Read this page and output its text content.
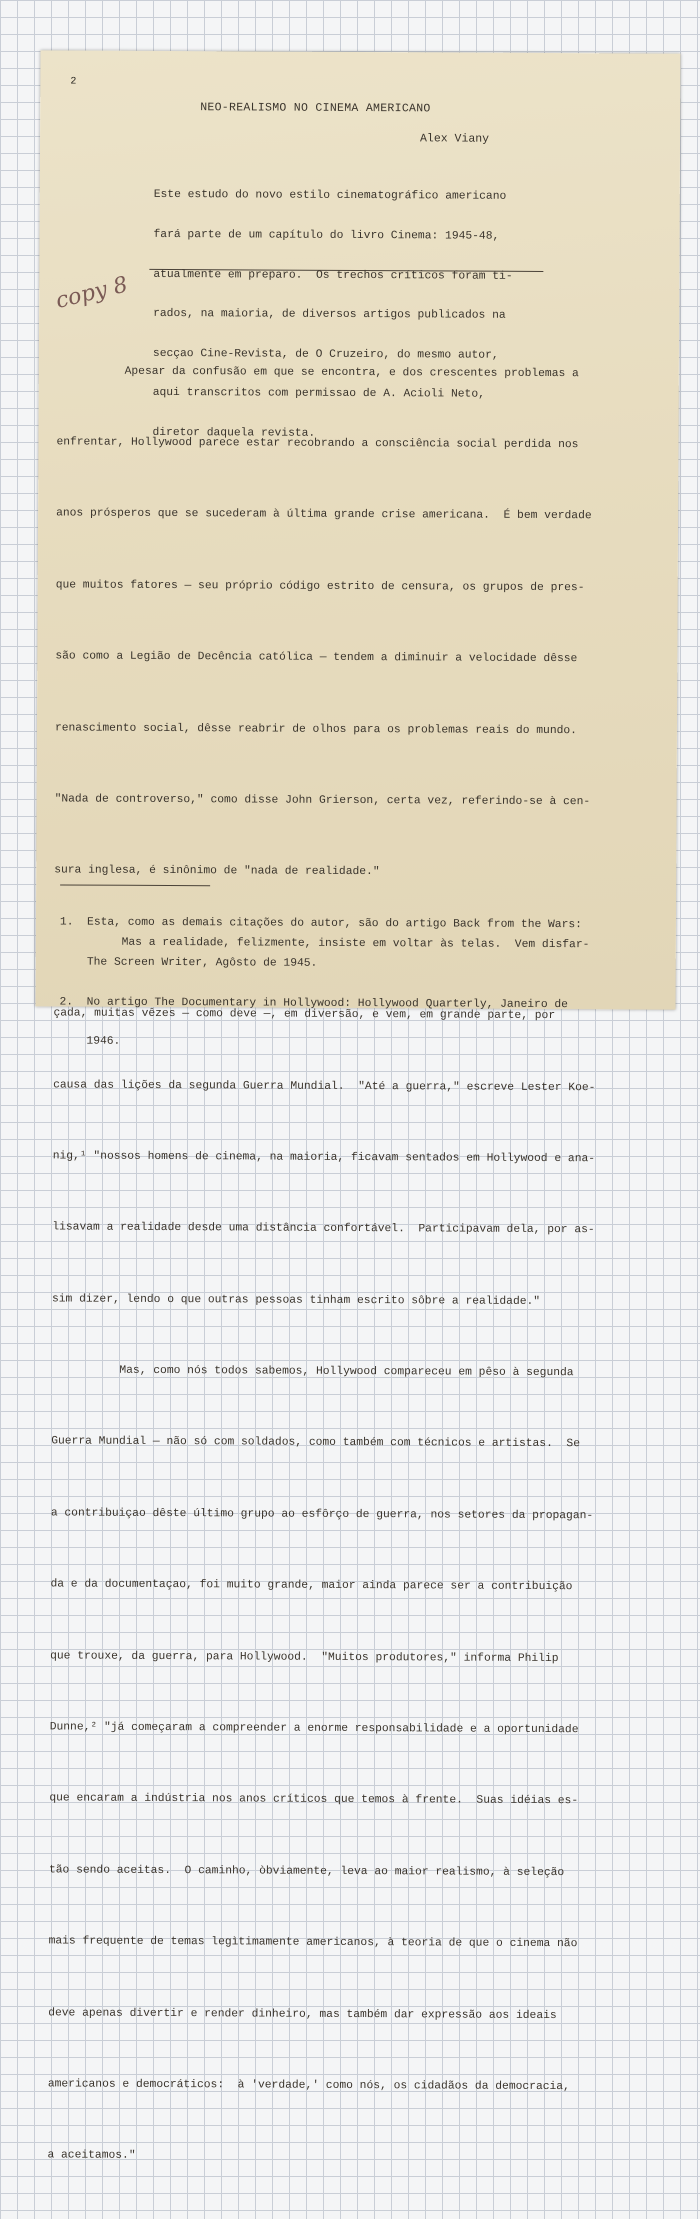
2
copy 8
NEO-REALISMO NO CINEMA AMERICANO
Alex Viany

Este estudo do novo estilo cinematográfico americano

fará parte de um capítulo do livro Cinema: 1945-48,

atualmente em preparo.  Os trechos críticos foram ti-

rados, na maioria, de diversos artigos publicados na

secçao Cine-Revista, de O Cruzeiro, do mesmo autor,

aqui transcritos com permissao de A. Acioli Neto,

diretor daquela revista.

Apesar da confusão em que se encontra, e dos crescentes problemas a

enfrentar, Hollywood parece estar recobrando a consciência social perdida nos

anos prósperos que se sucederam à última grande crise americana.  É bem verdade

que muitos fatores — seu próprio código estrito de censura, os grupos de pres-

são como a Legião de Decência católica — tendem a diminuir a velocidade dêsse

renascimento social, dêsse reabrir de olhos para os problemas reais do mundo.

"Nada de controverso," como disse John Grierson, certa vez, referindo-se à cen-

sura inglesa, é sinônimo de "nada de realidade."

Mas a realidade, felizmente, insiste em voltar às telas.  Vem disfar-

çada, muitas vêzes — como deve —, em diversão, e vem, em grande parte, por

causa das lições da segunda Guerra Mundial.  "Até a guerra," escreve Lester Koe-

nig,¹ "nossos homens de cinema, na maioria, ficavam sentados em Hollywood e ana-

lisavam a realidade desde uma distância confortável.  Participavam dela, por as-

sim dizer, lendo o que outras pessoas tinham escrito sôbre a realidade."

Mas, como nós todos sabemos, Hollywood compareceu em pêso à segunda

Guerra Mundial — não só com soldados, como também com técnicos e artistas.  Se

a contribuiçao dêste último grupo ao esfôrço de guerra, nos setores da propagan-

da e da documentaçao, foi muito grande, maior ainda parece ser a contribuição

que trouxe, da guerra, para Hollywood.  "Muitos produtores," informa Philip

Dunne,² "já começaram a compreender a enorme responsabilidade e a oportunidade

que encaram a indústria nos anos críticos que temos à frente.  Suas idéias es-

tão sendo aceitas.  O caminho, òbviamente, leva ao maior realismo, à seleção

mais frequente de temas legìtimamente americanos, à teoria de que o cinema não

deve apenas divertir e render dinheiro, mas também dar expressão aos ideais

americanos e democráticos:  à 'verdade,' como nós, os cidadãos da democracia,

a aceitamos."

1.  Esta, como as demais citações do autor, são do artigo Back from the Wars:

The Screen Writer, Agôsto de 1945.

2.  No artigo The Documentary in Hollywood: Hollywood Quarterly, Janeiro de

1946.
